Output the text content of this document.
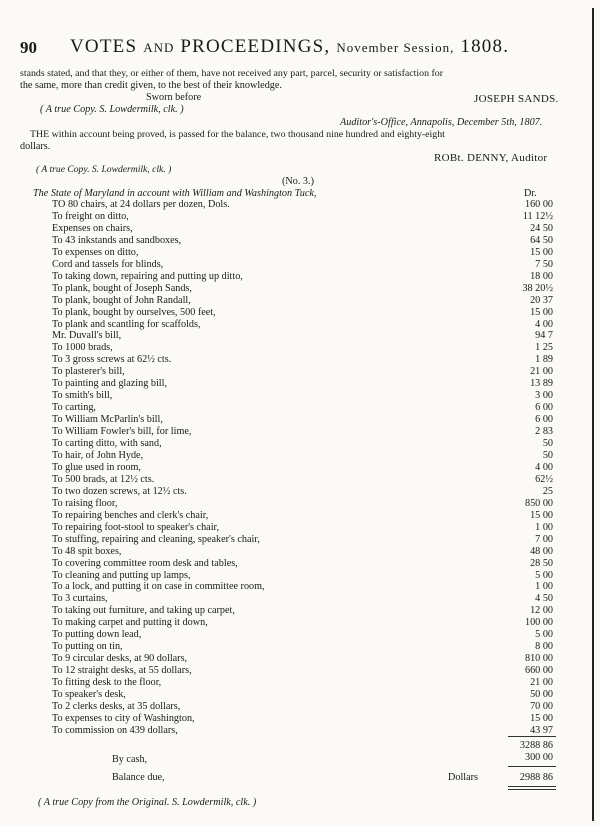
90 VOTES AND PROCEEDINGS, November Session, 1808.
stands stated, and that they, or either of them, have not received any part, parcel, security or satisfaction for
the same, more than credit given, to the best of their knowledge.
Sworn before	JOSEPH SANDS.
( A true Copy. S. Lowdermilk, clk. )
Auditor's-Office, Annapolis, December 5th, 1807.
THE within account being proved, is passed for the balance, two thousand nine hundred and eighty-eight
dollars.
ROBt. DENNY, Auditor
( A true Copy. S. Lowdermilk, clk. )
(No. 3.)
The State of Maryland in account with William and Washington Tuck,	Dr.
TO 80 chairs, at 24 dollars per dozen, Dols.	160 00
To freight on ditto,	11 12½
Expenses on chairs,	24 50
To 43 inkstands and sandboxes,	64 50
To expenses on ditto,	15 00
Cord and tassels for blinds,	7 50
To taking down, repairing and putting up ditto,	18 00
To plank, bought of Joseph Sands,	38 20½
To plank, bought of John Randall,	20 37
To plank, bought by ourselves, 500 feet,	15 00
To plank and scantling for scaffolds,	4 00
Mr. Duvall's bill,	94 7
To 1000 brads,	1 25
To 3 gross screws at 62½ cts.	1 89
To plasterer's bill,	21 00
To painting and glazing bill,	13 89
To smith's bill,	3 00
To carting,	6 00
To William McParlin's bill,	6 00
To William Fowler's bill, for lime,	2 83
To carting ditto, with sand,	50
To hair, of John Hyde,	50
To glue used in room,	4 00
To 500 brads, at 12½ cts.	62½
To two dozen screws, at 12½ cts.	25
To raising floor,	850 00
To repairing benches and clerk's chair,	15 00
To repairing foot-stool to speaker's chair,	1 00
To stuffing, repairing and cleaning, speaker's chair,	7 00
To 48 spit boxes,	48 00
To covering committee room desk and tables,	28 50
To cleaning and putting up lamps,	5 00
To a lock, and putting it on case in committee room,	1 00
To 3 curtains,	4 50
To taking out furniture, and taking up carpet,	12 00
To making carpet and putting it down,	100 00
To putting down lead,	5 00
To putting on tin,	8 00
To 9 circular desks, at 90 dollars,	810 00
To 12 straight desks, at 55 dollars,	660 00
To fitting desk to the floor,	21 00
To speaker's desk,	50 00
To 2 clerks desks, at 35 dollars,	70 00
To expenses to city of Washington,	15 00
To commission on 439 dollars,	43 97
3288 86
By cash,	300 00
Balance due,	Dollars	2988 86
( A true Copy from the Original. S. Lowdermilk, clk. )
